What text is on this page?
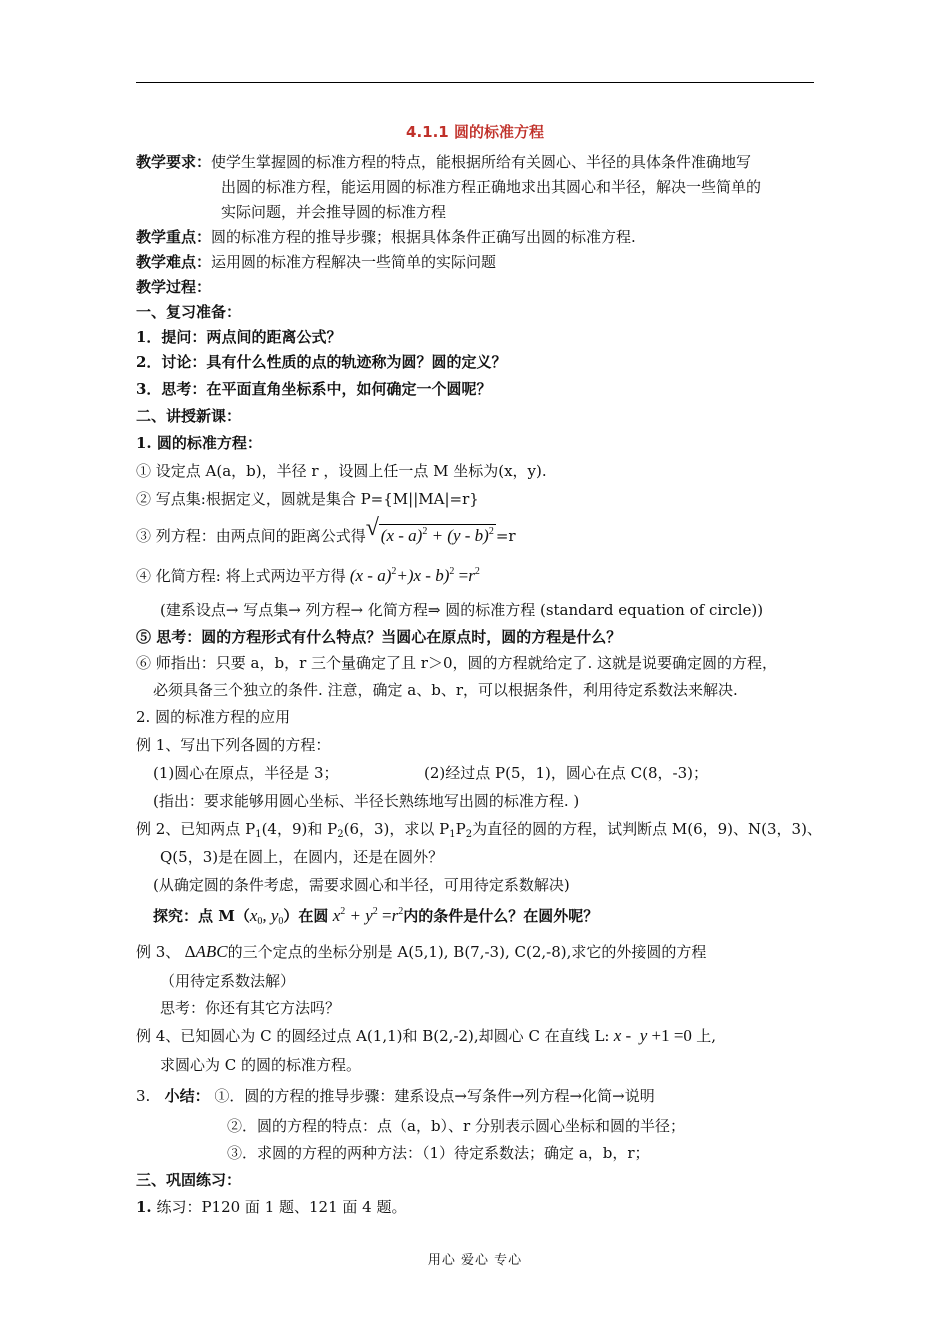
4.1.1 圆的标准方程
教学要求：使学生掌握圆的标准方程的特点，能根据所给有关圆心、半径的具体条件准确地写
出圆的标准方程，能运用圆的标准方程正确地求出其圆心和半径，解决一些简单的
实际问题，并会推导圆的标准方程
教学重点：圆的标准方程的推导步骤；根据具体条件正确写出圆的标准方程.
教学难点：运用圆的标准方程解决一些简单的实际问题
教学过程：
一、复习准备：
1．提问：两点间的距离公式？
2．讨论：具有什么性质的点的轨迹称为圆？圆的定义？
3．思考：在平面直角坐标系中，如何确定一个圆呢？
二、讲授新课：
1. 圆的标准方程：
① 设定点 A(a，b)，半径 r ，设圆上任一点 M 坐标为(x，y).
② 写点集:根据定义，圆就是集合 P={M||MA|=r}
③ 列方程：由两点间的距离公式得 √ (x - a)$^2$ + (y - b)$^2$ =r
④ 化简方程: 将上式两边平方得 $(x - a)^2+)x - b)^2 =r^2$
(建系设点→ 写点集→ 列方程→ 化简方程⇒ 圆的标准方程 (standard equation of circle))
⑤ 思考：圆的方程形式有什么特点？当圆心在原点时，圆的方程是什么？
⑥ 师指出：只要 a，b，r 三个量确定了且 r＞0，圆的方程就给定了. 这就是说要确定圆的方程，
必须具备三个独立的条件. 注意，确定 a、b、r，可以根据条件，利用待定系数法来解决.
2. 圆的标准方程的应用
例 1、写出下列各圆的方程：
(1)圆心在原点，半径是 3；	(2)经过点 P(5，1)，圆心在点 C(8，-3)；
(指出：要求能够用圆心坐标、半径长熟练地写出圆的标准方程. )
例 2、已知两点 $P_1(4$，9)和 $P_2(6$，3)，求以 $P_1P_2$为直径的圆的方程，试判断点 M(6，9)、N(3，3)、
Q(5，3)是在圆上，在圆内，还是在圆外？
(从确定圆的条件考虑，需要求圆心和半径，可用待定系数解决)
探究：点 $M(x_0$, $y_0$）在圆 $x^2 + y^2 =r^2$内的条件是什么？在圆外呢？
例 3、 ΔABC的三个定点的坐标分别是 A(5,1), B(7,-3), C(2,-8),求它的外接圆的方程
（用待定系数法解）
思考：你还有其它方法吗？
例 4、已知圆心为 C 的圆经过点 A(1,1)和 B(2,-2),却圆心 C 在直线 L: x -  y +1 =0 上,
求圆心为 C 的圆的标准方程。
3. 小结： ①．圆的方程的推导步骤：建系设点→写条件→列方程→化简→说明
②．圆的方程的特点：点（a，b）、r 分别表示圆心坐标和圆的半径；
③．求圆的方程的两种方法：（1）待定系数法；确定 a，b，r；
三、巩固练习：
1. 练习：P120 面 1 题、121 面 4 题。
用心 爱心 专心
